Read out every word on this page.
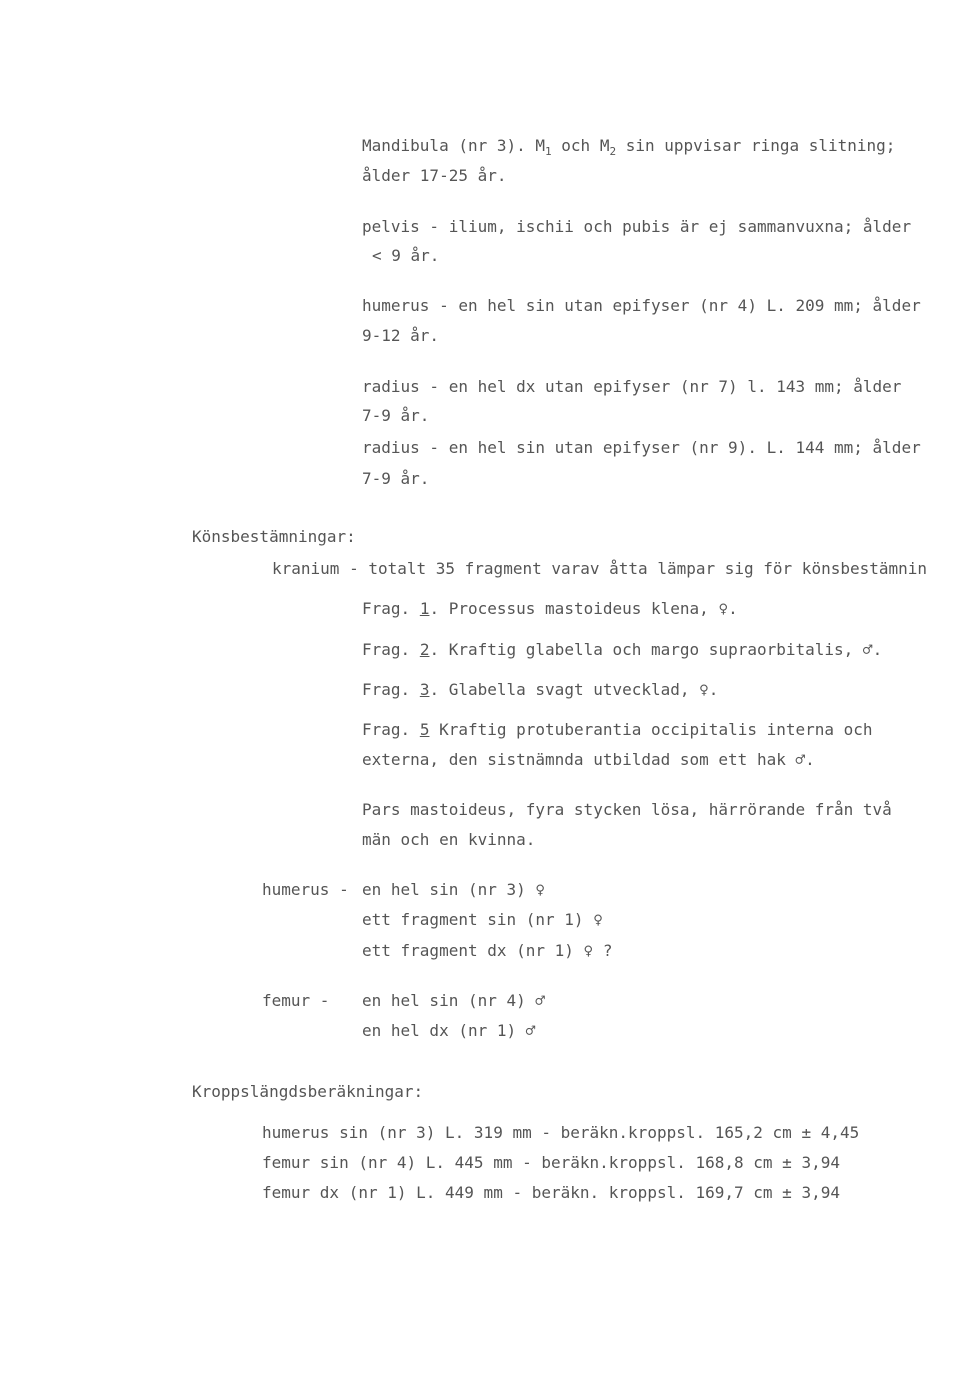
Mandibula (nr 3). $M_1$ och $M_2$ sin uppvisar ringa slitning;
ålder 17-25 år.
pelvis - ilium, ischii och pubis är ej sammanvuxna; ålder
< 9 år.
humerus - en hel sin utan epifyser (nr 4) L. 209 mm; ålder
9-12 år.
radius - en hel dx utan epifyser (nr 7) l. 143 mm; ålder
7-9 år.
radius - en hel sin utan epifyser (nr 9). L. 144 mm; ålder
7-9 år.
Könsbestämningar:
kranium - totalt 35 fragment varav åtta lämpar sig för könsbestämnin
Frag. 1. Processus mastoideus klena, ♀.
Frag. 2. Kraftig glabella och margo supraorbitalis, ♂.
Frag. 3. Glabella svagt utvecklad, ♀.
Frag. 5 Kraftig protuberantia occipitalis interna och
externa, den sistnämnda utbildad som ett hak ♂.
Pars mastoideus, fyra stycken lösa, härrörande från två
män och en kvinna.
humerus - en hel sin (nr 3) ♀
ett fragment sin (nr 1) ♀
ett fragment dx (nr 1) ♀ ?
femur - en hel sin (nr 4) ♂
en hel dx (nr 1) ♂
Kroppslängdsberäkningar:
humerus sin (nr 3) L. 319 mm - beräkn.kroppsl. 165,2 cm ± 4,45
femur sin (nr 4) L. 445 mm - beräkn.kroppsl. 168,8 cm ± 3,94
femur dx (nr 1) L. 449 mm - beräkn. kroppsl. 169,7 cm ± 3,94
